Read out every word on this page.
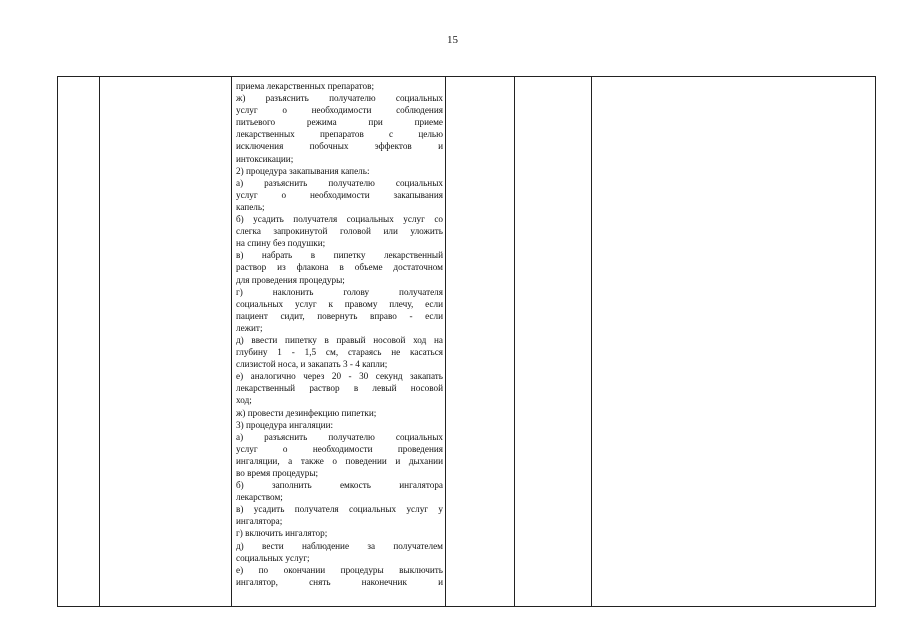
15
приема лекарственных препаратов;
ж) разъяснить получателю социальных
услуг о необходимости соблюдения
питьевого режима при приеме
лекарственных препаратов с целью
исключения побочных эффектов и
интоксикации;
2) процедура закапывания капель:
а) разъяснить получателю социальных
услуг о необходимости закапывания
капель;
б) усадить получателя социальных услуг со
слегка запрокинутой головой или уложить
на спину без подушки;
в) набрать в пипетку лекарственный
раствор из флакона в объеме достаточном
для проведения процедуры;
г) наклонить голову получателя
социальных услуг к правому плечу, если
пациент сидит, повернуть вправо - если
лежит;
д) ввести пипетку в правый носовой ход на
глубину 1 - 1,5 см, стараясь не касаться
слизистой носа, и закапать 3 - 4 капли;
е) аналогично через 20 - 30 секунд закапать
лекарственный раствор в левый носовой
ход;
ж) провести дезинфекцию пипетки;
3) процедура ингаляции:
а) разъяснить получателю социальных
услуг о необходимости проведения
ингаляции, а также о поведении и дыхании
во время процедуры;
б) заполнить емкость ингалятора
лекарством;
в) усадить получателя социальных услуг у
ингалятора;
г) включить ингалятор;
д) вести наблюдение за получателем
социальных услуг;
е) по окончании процедуры выключить
ингалятор, снять наконечник и
